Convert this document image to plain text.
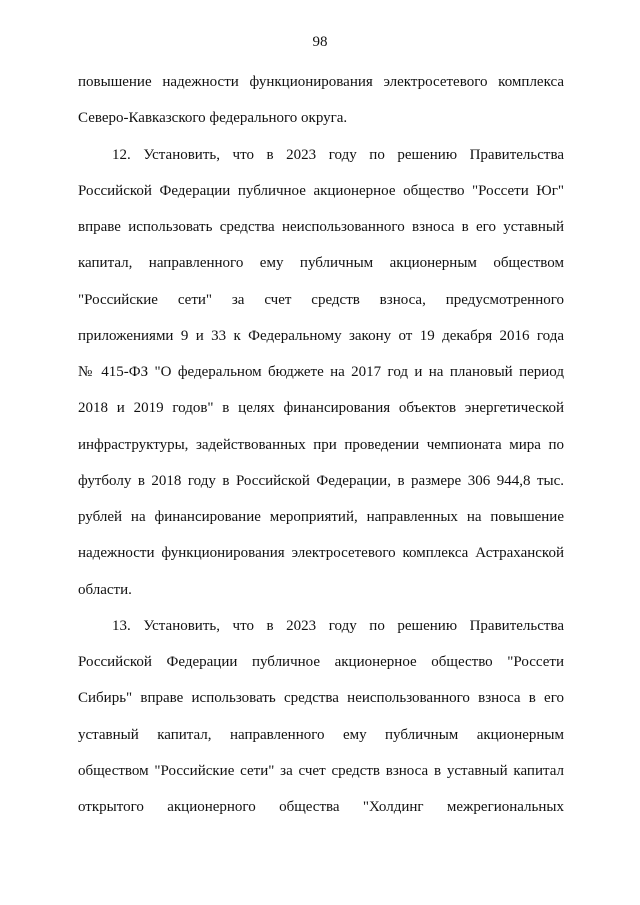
98
повышение надежности функционирования электросетевого комплекса
Северо-Кавказского федерального округа.
12. Установить, что в 2023 году по решению Правительства
Российской Федерации публичное акционерное общество "Россети Юг"
вправе использовать средства неиспользованного взноса в его уставный
капитал, направленного ему публичным акционерным обществом
"Российские сети" за счет средств взноса, предусмотренного
приложениями 9 и 33 к Федеральному закону от 19 декабря 2016 года
№ 415-ФЗ "О федеральном бюджете на 2017 год и на плановый период
2018 и 2019 годов" в целях финансирования объектов энергетической
инфраструктуры, задействованных при проведении чемпионата мира по
футболу в 2018 году в Российской Федерации, в размере 306 944,8 тыс.
рублей на финансирование мероприятий, направленных на повышение
надежности функционирования электросетевого комплекса Астраханской
области.
13. Установить, что в 2023 году по решению Правительства
Российской Федерации публичное акционерное общество "Россети
Сибирь" вправе использовать средства неиспользованного взноса в его
уставный капитал, направленного ему публичным акционерным
обществом "Российские сети" за счет средств взноса в уставный капитал
открытого акционерного общества "Холдинг межрегиональных
